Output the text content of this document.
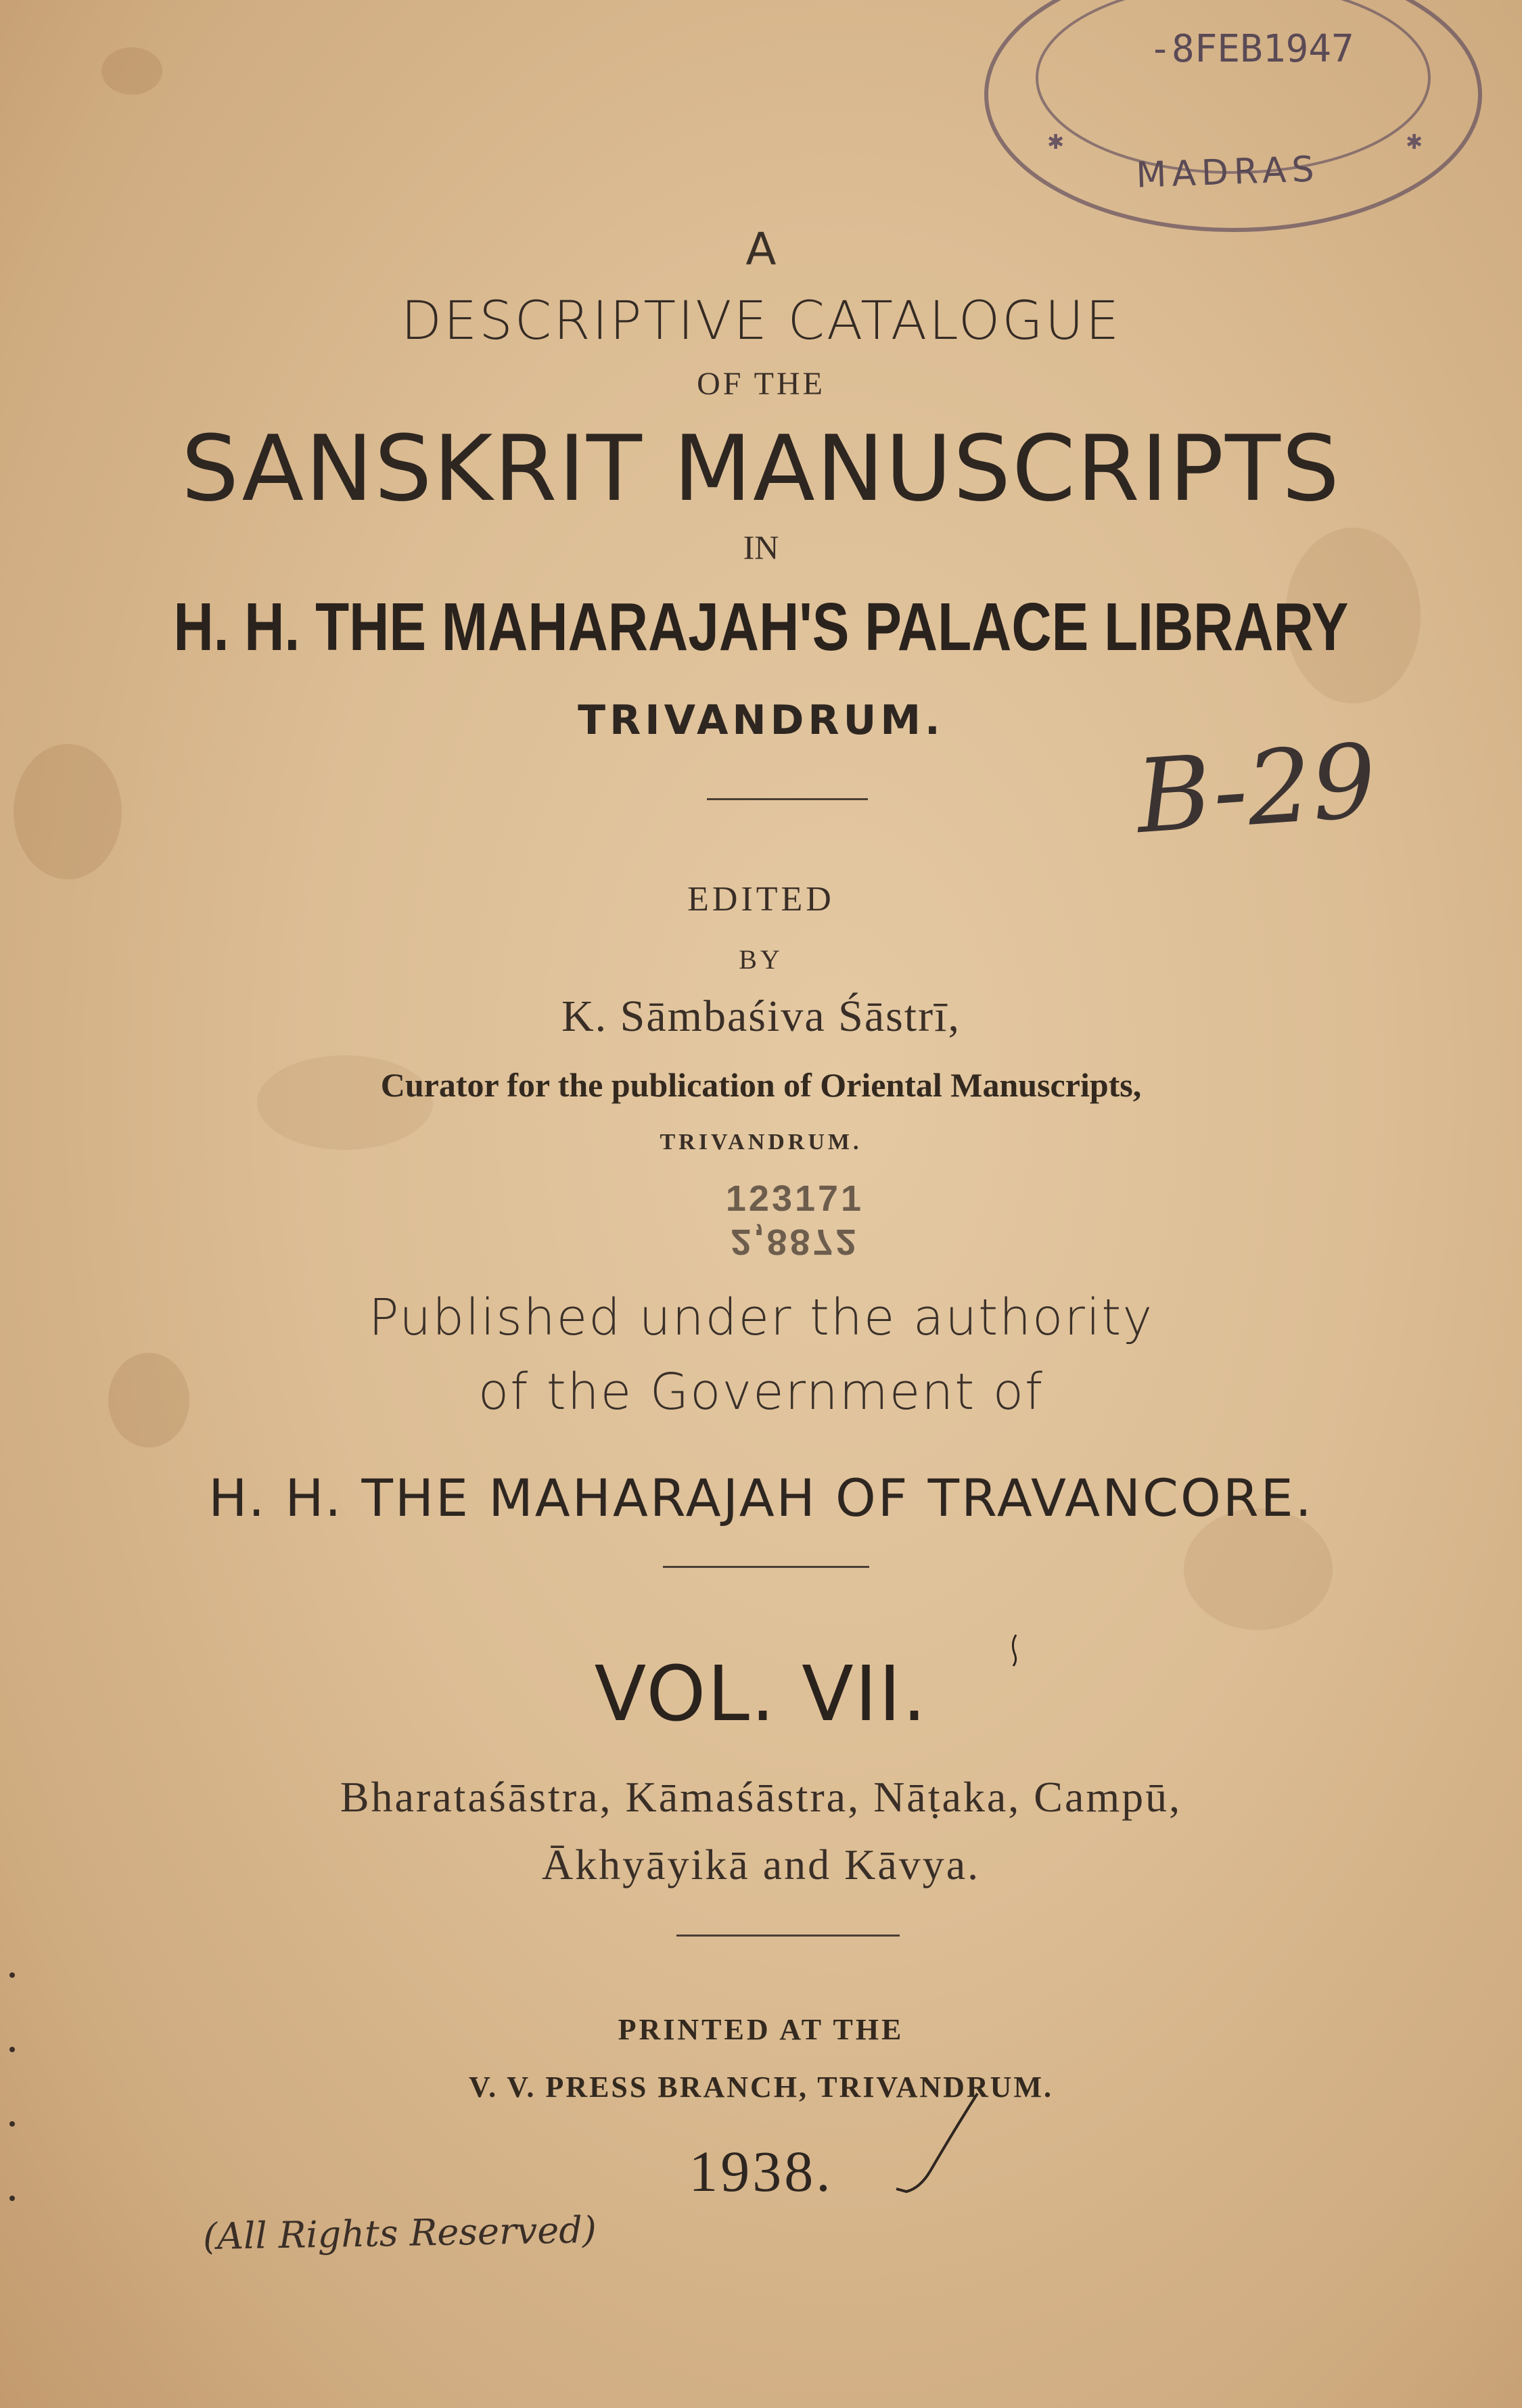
✱	✱
-8FEB1947
MADRAS
B-29
A
DESCRIPTIVE CATALOGUE
OF THE
SANSKRIT MANUSCRIPTS
IN
H. H. THE MAHARAJAH'S PALACE LIBRARY
TRIVANDRUM.
EDITED
BY
K. Sāmbaśiva Śāstrī,
Curator for the publication of Oriental Manuscripts,
TRIVANDRUM.
123171
2,8872
Published under the authority
of the Government of
H. H. THE MAHARAJAH OF TRAVANCORE.
VOL. VII.
Bharataśāstra, Kāmaśāstra, Nāṭaka, Campū,
Ākhyāyikā and Kāvya.
PRINTED AT THE
V. V. PRESS BRANCH, TRIVANDRUM.
1938.
(All Rights Reserved)
